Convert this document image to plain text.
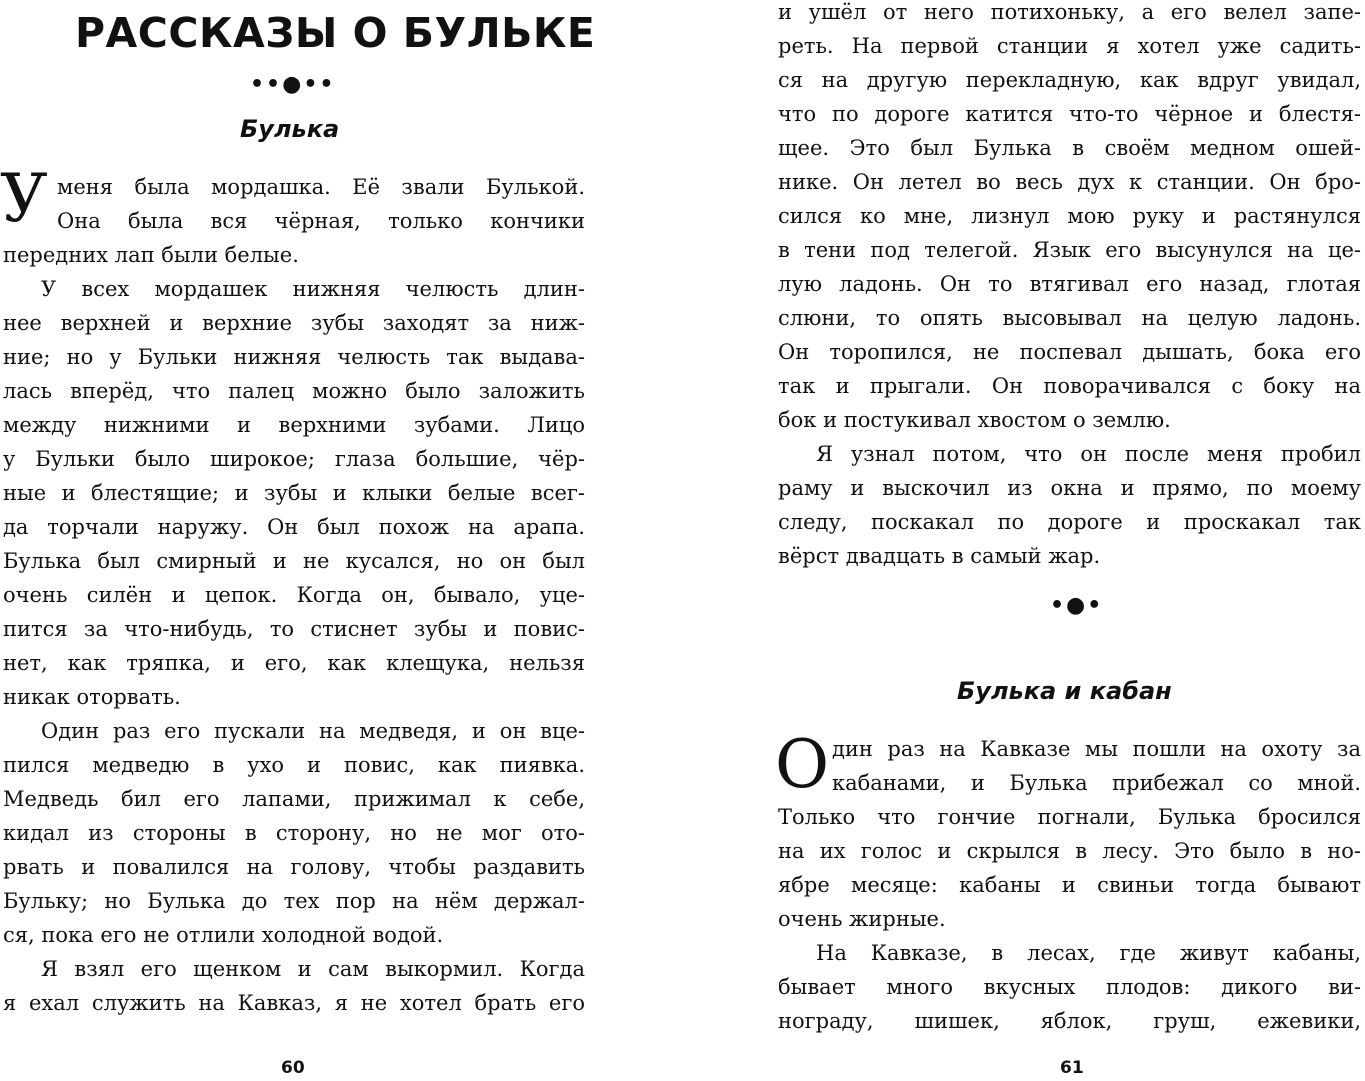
РАССКАЗЫ О БУЛЬКЕ
••●••
Булька
У меня была мордашка. Её звали Булькой.
Она была вся чёрная, только кончики
передних лап были белые.
У всех мордашек нижняя челюсть длин-
нее верхней и верхние зубы заходят за ниж-
ние; но у Бульки нижняя челюсть так выдава-
лась вперёд, что палец можно было заложить
между нижними и верхними зубами. Лицо
у Бульки было широкое; глаза большие, чёр-
ные и блестящие; и зубы и клыки белые всег-
да торчали наружу. Он был похож на арапа.
Булька был смирный и не кусался, но он был
очень силён и цепок. Когда он, бывало, уце-
пится за что-нибудь, то стиснет зубы и повис-
нет, как тряпка, и его, как клещука, нельзя
никак оторвать.
Один раз его пускали на медведя, и он вце-
пился медведю в ухо и повис, как пиявка.
Медведь бил его лапами, прижимал к себе,
кидал из стороны в сторону, но не мог ото-
рвать и повалился на голову, чтобы раздавить
Бульку; но Булька до тех пор на нём держал-
ся, пока его не отлили холодной водой.
Я взял его щенком и сам выкормил. Когда
я ехал служить на Кавказ, я не хотел брать его
60
и ушёл от него потихоньку, а его велел запе-
реть. На первой станции я хотел уже садить-
ся на другую перекладную, как вдруг увидал,
что по дороге катится что-то чёрное и блестя-
щее. Это был Булька в своём медном ошей-
нике. Он летел во весь дух к станции. Он бро-
сился ко мне, лизнул мою руку и растянулся
в тени под телегой. Язык его высунулся на це-
лую ладонь. Он то втягивал его назад, глотая
слюни, то опять высовывал на целую ладонь.
Он торопился, не поспевал дышать, бока его
так и прыгали. Он поворачивался с боку на
бок и постукивал хвостом о землю.
Я узнал потом, что он после меня пробил
раму и выскочил из окна и прямо, по моему
следу, поскакал по дороге и проскакал так
вёрст двадцать в самый жар.
•●•
Булька и кабан
О дин раз на Кавказе мы пошли на охоту за
кабанами, и Булька прибежал со мной.
Только что гончие погнали, Булька бросился
на их голос и скрылся в лесу. Это было в но-
ябре месяце: кабаны и свиньи тогда бывают
очень жирные.
На Кавказе, в лесах, где живут кабаны,
бывает много вкусных плодов: дикого ви-
нограду, шишек, яблок, груш, ежевики,
61
